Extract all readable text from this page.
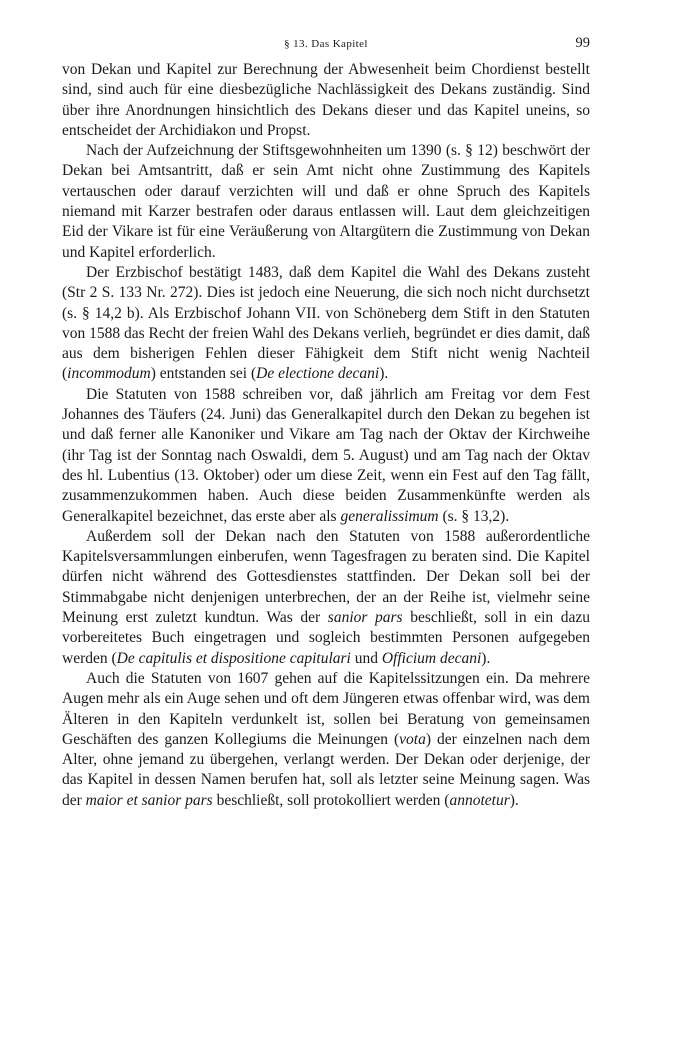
§ 13. Das Kapitel	99

von Dekan und Kapitel zur Berechnung der Abwesenheit beim Chordienst bestellt sind, sind auch für eine diesbezügliche Nachlässigkeit des Dekans zuständig. Sind über ihre Anordnungen hinsichtlich des Dekans dieser und das Kapitel uneins, so entscheidet der Archidiakon und Propst.

Nach der Aufzeichnung der Stiftsgewohnheiten um 1390 (s. § 12) beschwört der Dekan bei Amtsantritt, daß er sein Amt nicht ohne Zustimmung des Kapitels vertauschen oder darauf verzichten will und daß er ohne Spruch des Kapitels niemand mit Karzer bestrafen oder daraus entlassen will. Laut dem gleichzeitigen Eid der Vikare ist für eine Veräußerung von Altargütern die Zustimmung von Dekan und Kapitel erforderlich.

Der Erzbischof bestätigt 1483, daß dem Kapitel die Wahl des Dekans zusteht (Str 2 S. 133 Nr. 272). Dies ist jedoch eine Neuerung, die sich noch nicht durchsetzt (s. § 14,2 b). Als Erzbischof Johann VII. von Schöneberg dem Stift in den Statuten von 1588 das Recht der freien Wahl des Dekans verlieh, begründet er dies damit, daß aus dem bisherigen Fehlen dieser Fähigkeit dem Stift nicht wenig Nachteil (incommodum) entstanden sei (De electione decani).

Die Statuten von 1588 schreiben vor, daß jährlich am Freitag vor dem Fest Johannes des Täufers (24. Juni) das Generalkapitel durch den Dekan zu begehen ist und daß ferner alle Kanoniker und Vikare am Tag nach der Oktav der Kirchweihe (ihr Tag ist der Sonntag nach Oswaldi, dem 5. August) und am Tag nach der Oktav des hl. Lubentius (13. Oktober) oder um diese Zeit, wenn ein Fest auf den Tag fällt, zusammenzukommen haben. Auch diese beiden Zusammenkünfte werden als Generalkapitel bezeichnet, das erste aber als generalissimum (s. § 13,2).

Außerdem soll der Dekan nach den Statuten von 1588 außerordentliche Kapitelsversammlungen einberufen, wenn Tagesfragen zu beraten sind. Die Kapitel dürfen nicht während des Gottesdienstes stattfinden. Der Dekan soll bei der Stimmabgabe nicht denjenigen unterbrechen, der an der Reihe ist, vielmehr seine Meinung erst zuletzt kundtun. Was der sanior pars beschließt, soll in ein dazu vorbereitetes Buch eingetragen und sogleich bestimmten Personen aufgegeben werden (De capitulis et dispositione capitulari und Officium decani).

Auch die Statuten von 1607 gehen auf die Kapitelssitzungen ein. Da mehrere Augen mehr als ein Auge sehen und oft dem Jüngeren etwas offenbar wird, was dem Älteren in den Kapiteln verdunkelt ist, sollen bei Beratung von gemeinsamen Geschäften des ganzen Kollegiums die Meinungen (vota) der einzelnen nach dem Alter, ohne jemand zu übergehen, verlangt werden. Der Dekan oder derjenige, der das Kapitel in dessen Namen berufen hat, soll als letzter seine Meinung sagen. Was der maior et sanior pars beschließt, soll protokolliert werden (annotetur).
